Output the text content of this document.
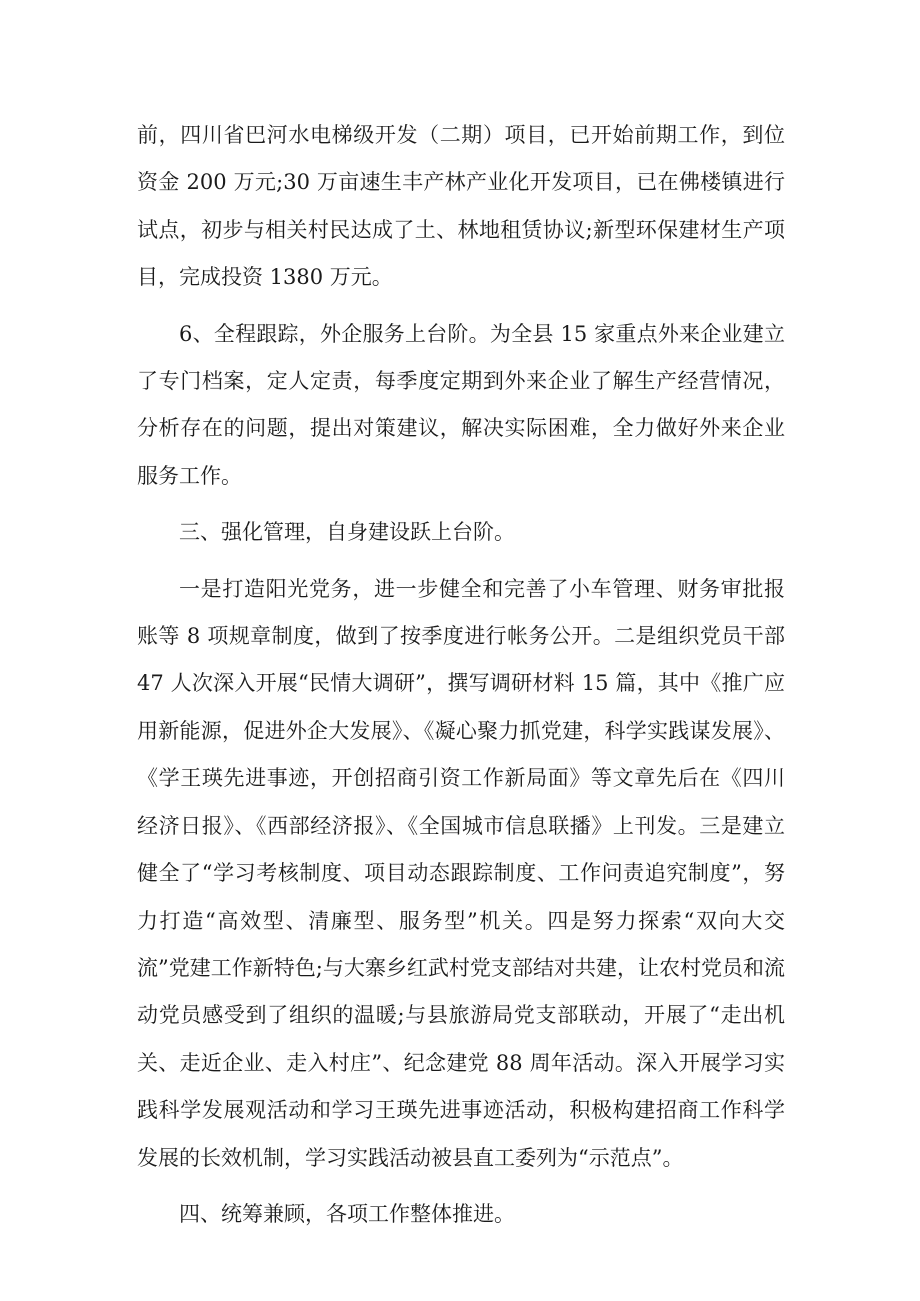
前，四川省巴河水电梯级开发（二期）项目，已开始前期工作，到位资金 200 万元;30 万亩速生丰产林产业化开发项目，已在佛楼镇进行试点，初步与相关村民达成了土、林地租赁协议;新型环保建材生产项目，完成投资 1380 万元。

6、全程跟踪，外企服务上台阶。为全县 15 家重点外来企业建立了专门档案，定人定责，每季度定期到外来企业了解生产经营情况，分析存在的问题，提出对策建议，解决实际困难，全力做好外来企业服务工作。

三、强化管理，自身建设跃上台阶。

一是打造阳光党务，进一步健全和完善了小车管理、财务审批报账等 8 项规章制度，做到了按季度进行帐务公开。二是组织党员干部 47 人次深入开展“民情大调研”，撰写调研材料 15 篇，其中《推广应用新能源，促进外企大发展》、《凝心聚力抓党建，科学实践谋发展》、《学王瑛先进事迹，开创招商引资工作新局面》等文章先后在《四川经济日报》、《西部经济报》、《全国城市信息联播》上刊发。三是建立健全了“学习考核制度、项目动态跟踪制度、工作问责追究制度”，努力打造“高效型、清廉型、服务型”机关。四是努力探索“双向大交流”党建工作新特色;与大寨乡红武村党支部结对共建，让农村党员和流动党员感受到了组织的温暖;与县旅游局党支部联动，开展了“走出机关、走近企业、走入村庄”、纪念建党 88 周年活动。深入开展学习实践科学发展观活动和学习王瑛先进事迹活动，积极构建招商工作科学发展的长效机制，学习实践活动被县直工委列为“示范点”。

四、统筹兼顾，各项工作整体推进。
